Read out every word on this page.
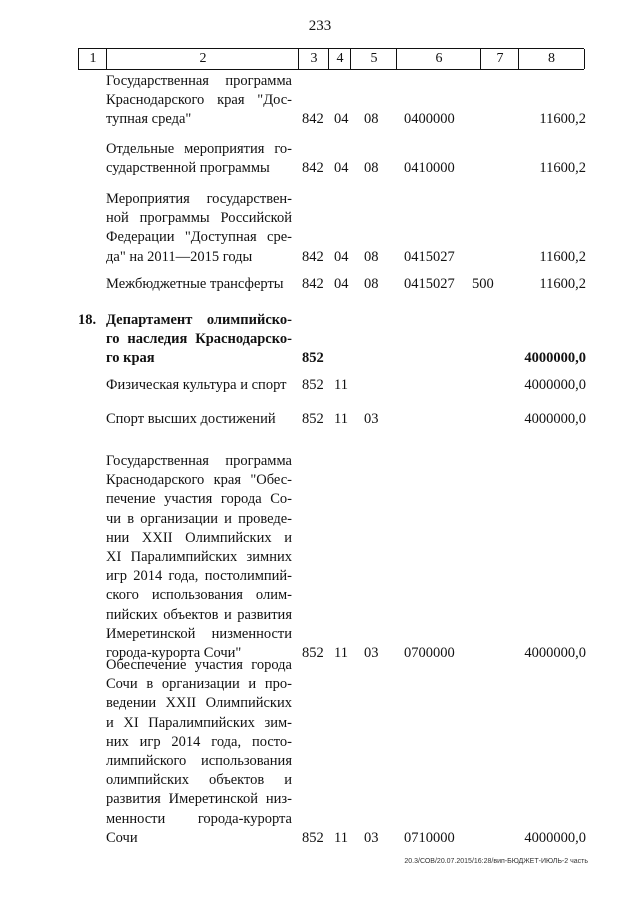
233
1	2	3	4	5	6	7	8
Государственная программа
Краснодарского края "Дос-
тупная среда"	842 04	08	0400000	11600,2
Отдельные мероприятия го-
сударственной программы	842 04	08	0410000	11600,2
Мероприятия государствен-
ной программы Российской
Федерации "Доступная сре-
да" на 2011—2015 годы	842 04	08	0415027	11600,2
Межбюджетные трансферты	842 04	08	0415027	500	11600,2
18. Департамент олимпийско-
го наследия Краснодарско-
го края	852	4000000,0
Физическая культура и спорт	852 11	4000000,0
Спорт высших достижений	852 11	03	4000000,0
Государственная программа
Краснодарского края "Обес-
печение участия города Со-
чи в организации и проведе-
нии XXII Олимпийских и
XI Паралимпийских зимних
игр 2014 года, постолимпий-
ского использования олим-
пийских объектов и развития
Имеретинской низменности
города-курорта Сочи"	852 11	03	0700000	4000000,0
Обеспечение участия города
Сочи в организации и про-
ведении XXII Олимпийских
и XI Паралимпийских зим-
них игр 2014 года, посто-
лимпийского использования
олимпийских объектов и
развития Имеретинской низ-
менности города-курорта
Сочи	852 11	03	0710000	4000000,0
20.3/СОВ/20.07.2015/16:28/вип-БЮДЖЕТ-ИЮЛЬ-2 часть
